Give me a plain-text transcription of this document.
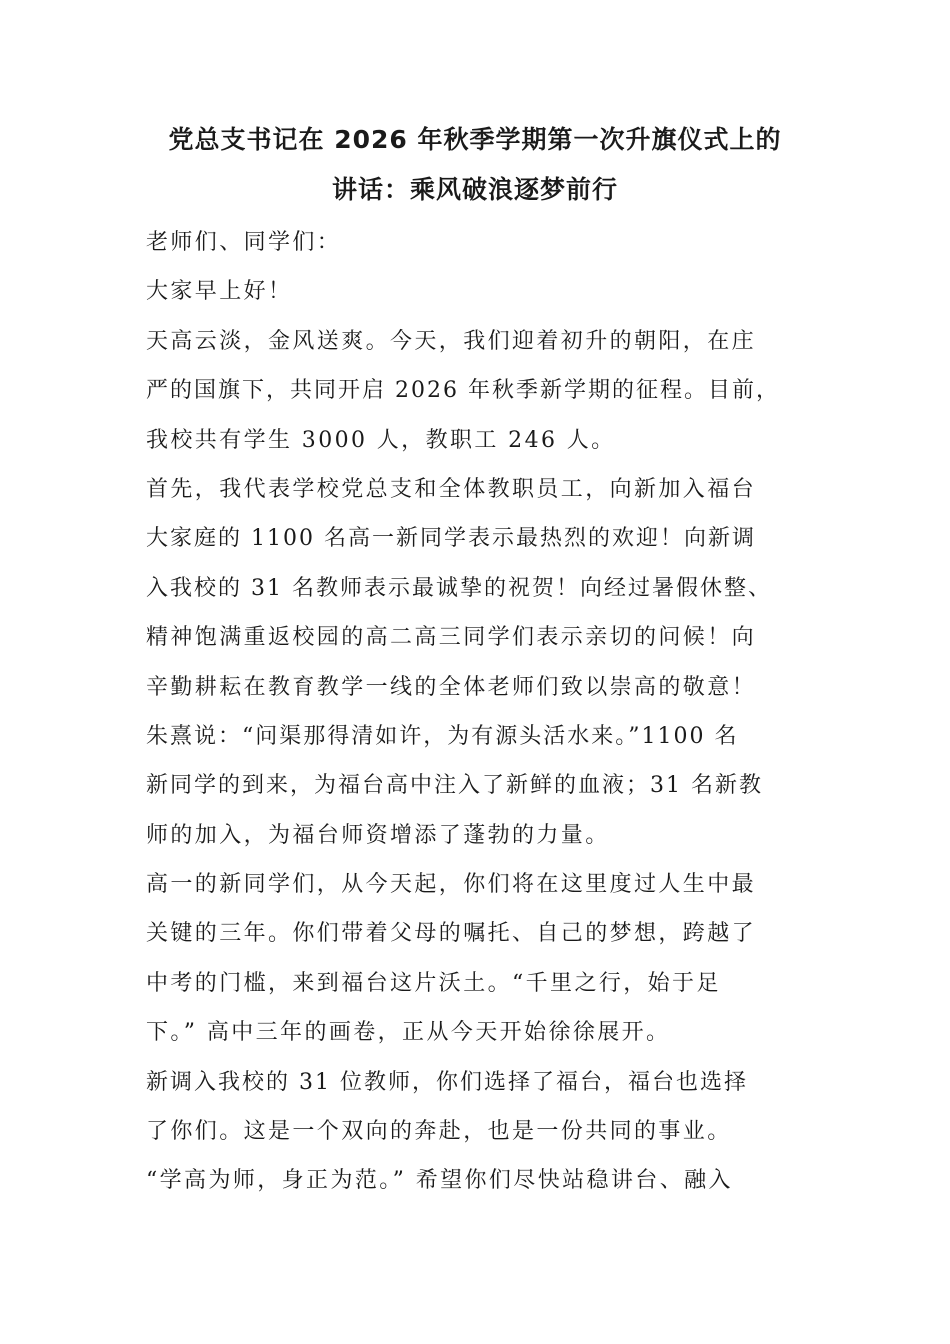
党总支书记在 2026 年秋季学期第一次升旗仪式上的
讲话：乘风破浪逐梦前行
老师们、同学们：
大家早上好！
天高云淡，金风送爽。今天，我们迎着初升的朝阳，在庄
严的国旗下，共同开启 2026 年秋季新学期的征程。目前，
我校共有学生 3000 人，教职工 246 人。
首先，我代表学校党总支和全体教职员工，向新加入福台
大家庭的 1100 名高一新同学表示最热烈的欢迎！向新调
入我校的 31 名教师表示最诚挚的祝贺！向经过暑假休整、
精神饱满重返校园的高二高三同学们表示亲切的问候！向
辛勤耕耘在教育教学一线的全体老师们致以崇高的敬意！
朱熹说：“问渠那得清如许，为有源头活水来。”1100 名
新同学的到来，为福台高中注入了新鲜的血液；31 名新教
师的加入，为福台师资增添了蓬勃的力量。
高一的新同学们，从今天起，你们将在这里度过人生中最
关键的三年。你们带着父母的嘱托、自己的梦想，跨越了
中考的门槛，来到福台这片沃土。“千里之行，始于足
下。” 高中三年的画卷，正从今天开始徐徐展开。
新调入我校的 31 位教师，你们选择了福台，福台也选择
了你们。这是一个双向的奔赴，也是一份共同的事业。
“学高为师，身正为范。” 希望你们尽快站稳讲台、融入
